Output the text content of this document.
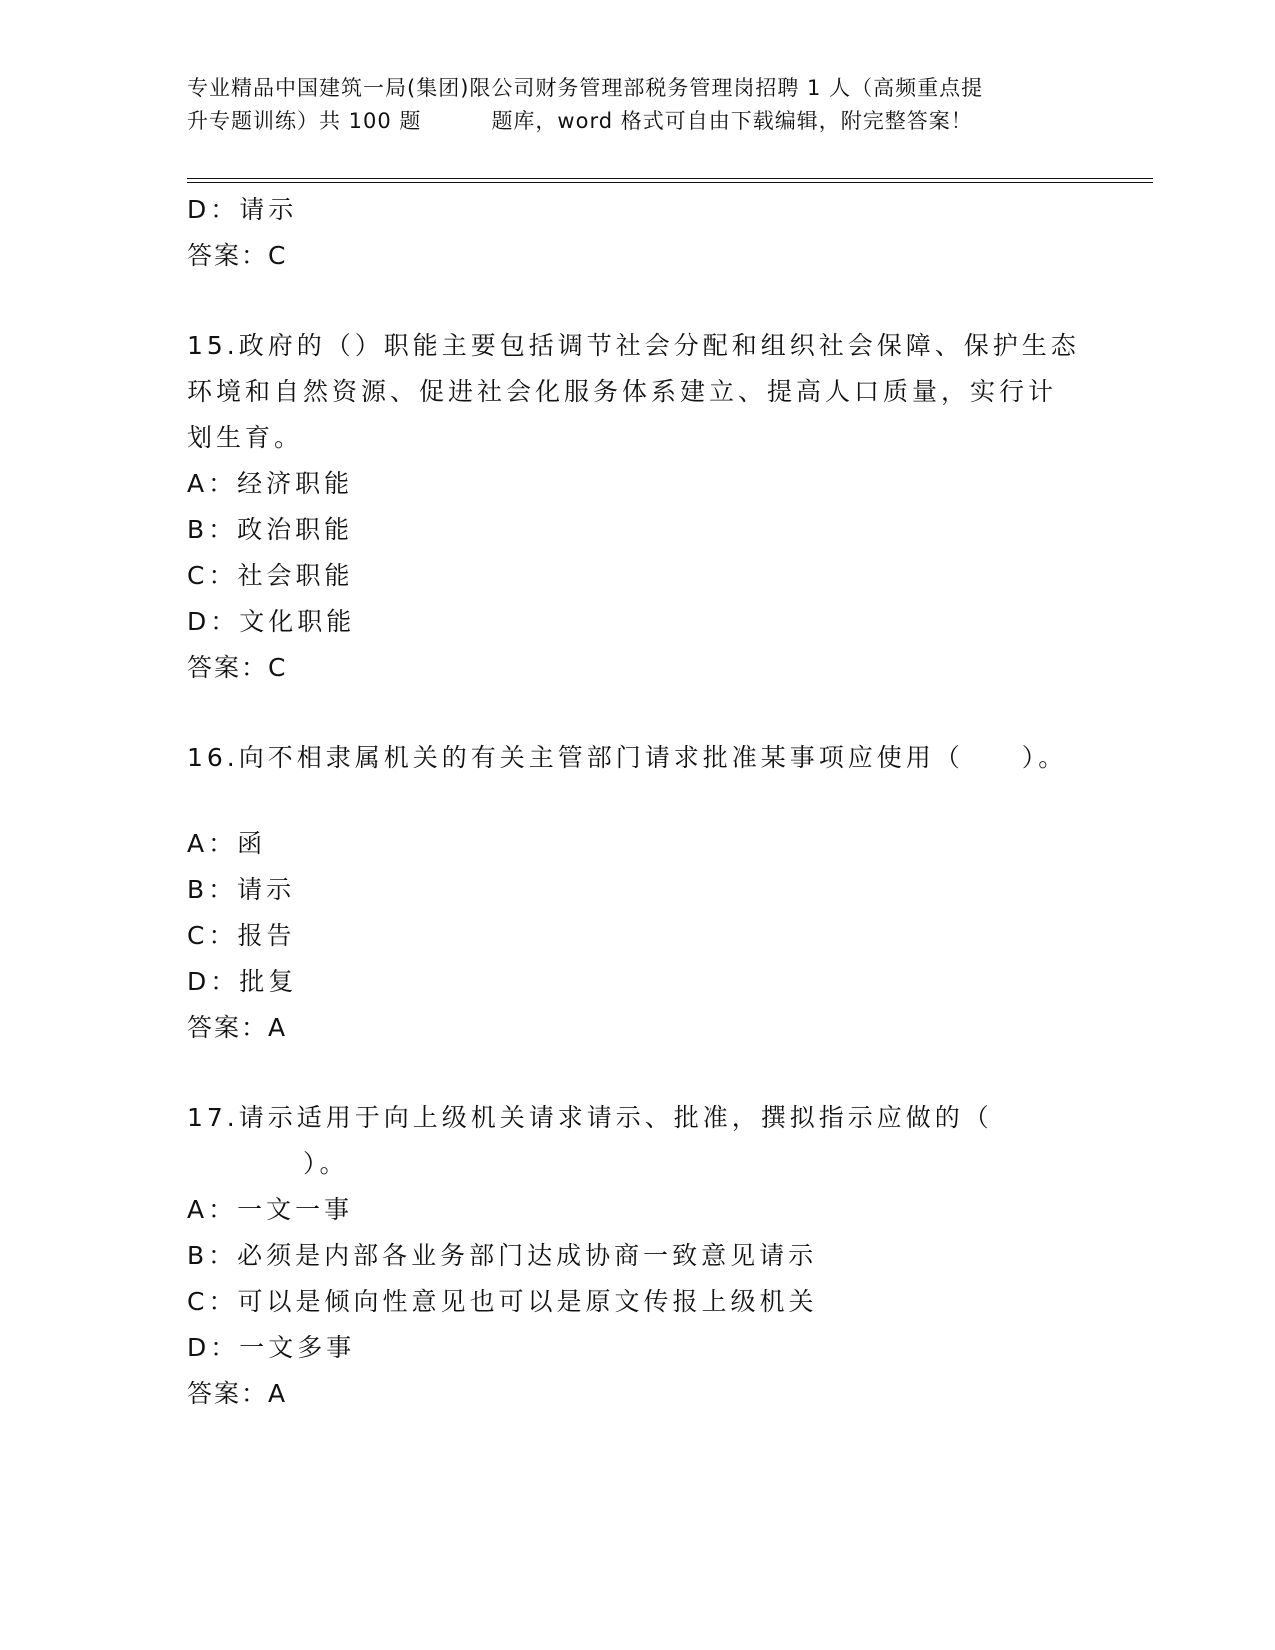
专业精品中国建筑一局(集团)限公司财务管理部税务管理岗招聘 1 人（高频重点提
升专题训练）共 100 题	题库，word 格式可自由下载编辑，附完整答案！
D：请示
答案：C
15.政府的（）职能主要包括调节社会分配和组织社会保障、保护生态
环境和自然资源、促进社会化服务体系建立、提高人口质量，实行计
划生育。
A：经济职能
B：政治职能
C：社会职能
D：文化职能
答案：C
16.向不相隶属机关的有关主管部门请求批准某事项应使用（　　）。
A：函
B：请示
C：报告
D：批复
答案：A
17.请示适用于向上级机关请求请示、批准，撰拟指示应做的（
　　　　）。
A：一文一事
B：必须是内部各业务部门达成协商一致意见请示
C：可以是倾向性意见也可以是原文传报上级机关
D：一文多事
答案：A
